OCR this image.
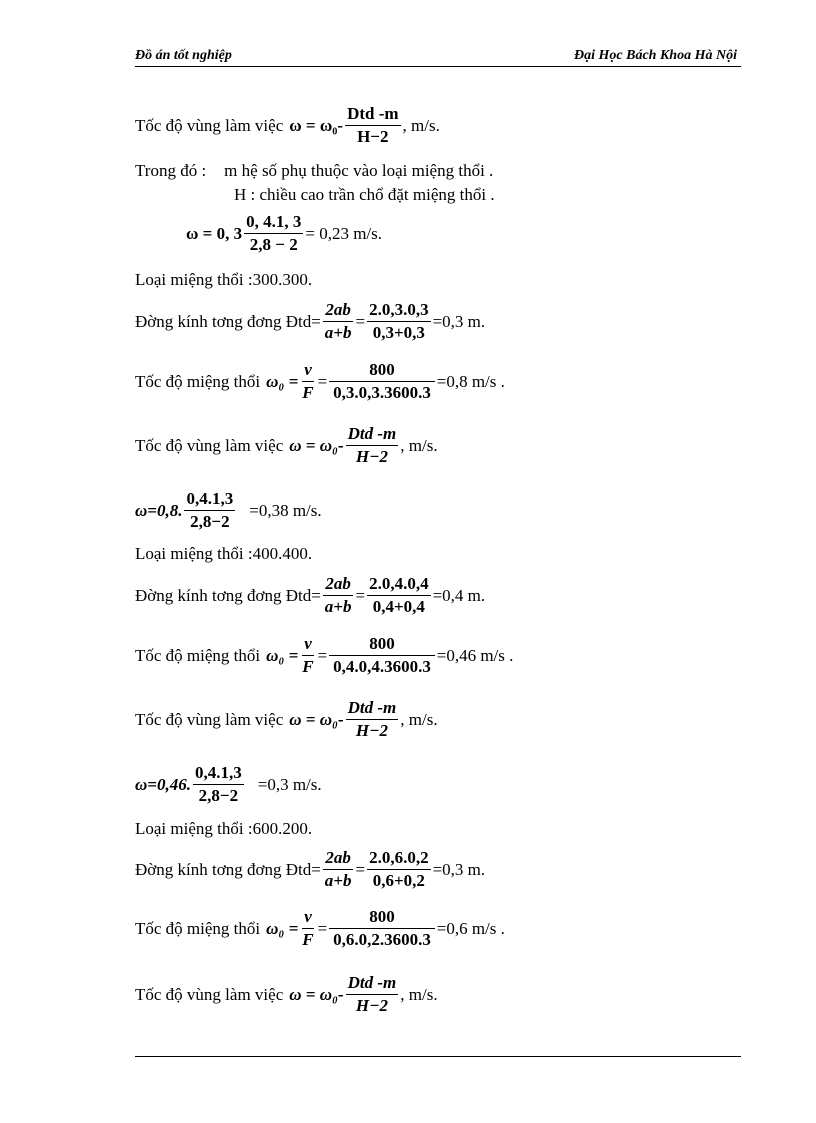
Đồ án tốt nghiệp	Đại Học Bách Khoa Hà Nội
Tốc độ vùng làm việc ω = ω₀-
Dtd -m
H−2
, m/s.
Trong đó : m hệ số phụ thuộc vào loại miệng thổi .
H : chiều cao trần chổ đặt miệng thổi .
ω = 0, $3 \frac{0, 4.1, 3}{2,8 - 2} = 0,23$ m/s.
Loại miệng thổi :300.300.
Đờng kính tơng đơng Đtd= $\frac{2ab}{a+b} = \frac{2.0,3.0,3}{0,3+0,3} =0,3$ m.
Tốc độ miệng thổi $\omega_0 = \frac{v}{F} = \frac{800}{0,3.0,3.3600.3} =0,8$ m/s .
Tốc độ vùng làm việc ω = ω₀-
Dtd -m
H−2
, m/s.
ω=0,8. $\frac{0,4.1,3}{2,8-2} =0,38$ m/s.
Loại miệng thổi :400.400.
Đờng kính tơng đơng Đtd= $\frac{2ab}{a+b} = \frac{2.0,4.0,4}{0,4+0,4} =0,4$ m.
Tốc độ miệng thổi $\omega_0 = \frac{v}{F} = \frac{800}{0,4.0,4.3600.3} =0,46$ m/s .
Tốc độ vùng làm việc ω = ω₀-
Dtd -m
H−2
, m/s.
ω=0,46. $\frac{0,4.1,3}{2,8-2} =0,3$ m/s.
Loại miệng thổi :600.200.
Đờng kính tơng đơng Đtd= $\frac{2ab}{a+b} = \frac{2.0,6.0,2}{0,6+0,2} =0,3$ m.
Tốc độ miệng thổi $\omega_0 = \frac{v}{F} = \frac{800}{0,6.0,2.3600.3} =0,6$ m/s .
Tốc độ vùng làm việc ω = ω₀-
Dtd -m
H−2
, m/s.
